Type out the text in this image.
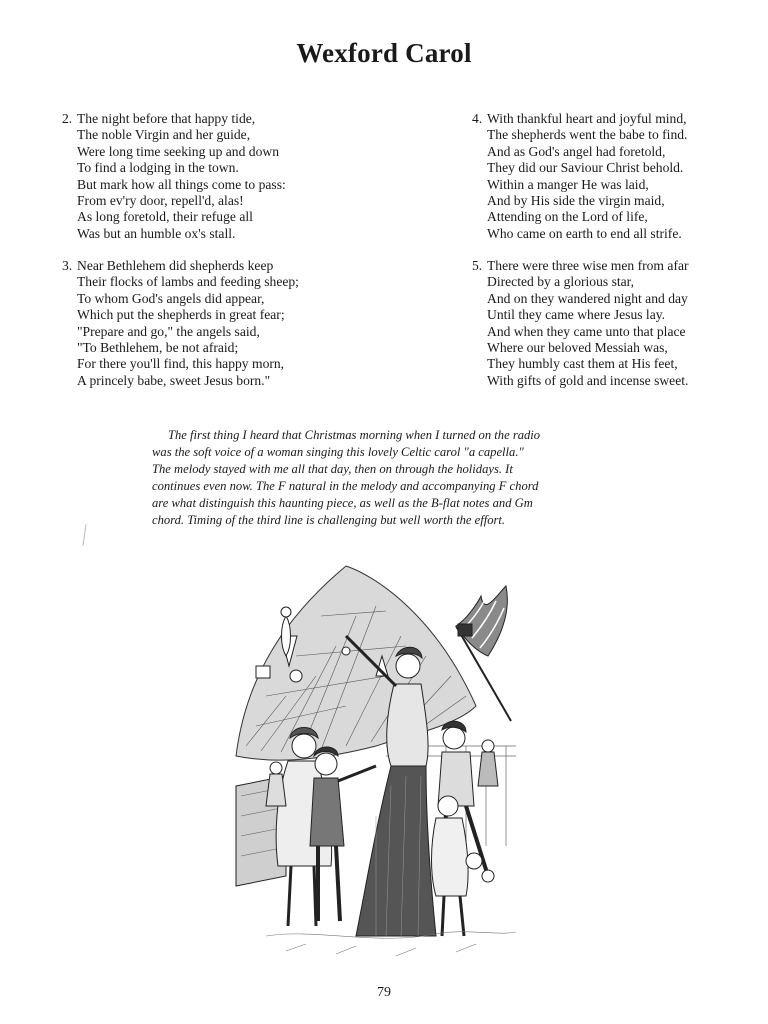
Wexford Carol
2. The night before that happy tide,
The noble Virgin and her guide,
Were long time seeking up and down
To find a lodging in the town.
But mark how all things come to pass:
From ev'ry door, repell'd, alas!
As long foretold, their refuge all
Was but an humble ox's stall.
3. Near Bethlehem did shepherds keep
Their flocks of lambs and feeding sheep;
To whom God's angels did appear,
Which put the shepherds in great fear;
"Prepare and go," the angels said,
"To Bethlehem, be not afraid;
For there you'll find, this happy morn,
A princely babe, sweet Jesus born."
4. With thankful heart and joyful mind,
The shepherds went the babe to find.
And as God's angel had foretold,
They did our Saviour Christ behold.
Within a manger He was laid,
And by His side the virgin maid,
Attending on the Lord of life,
Who came on earth to end all strife.
5. There were three wise men from afar
Directed by a glorious star,
And on they wandered night and day
Until they came where Jesus lay.
And when they came unto that place
Where our beloved Messiah was,
They humbly cast them at His feet,
With gifts of gold and incense sweet.
The first thing I heard that Christmas morning when I turned on the radio
was the soft voice of a woman singing this lovely Celtic carol "a capella."
The melody stayed with me all that day, then on through the holidays. It
continues even now. The F natural in the melody and accompanying F chord
are what distinguish this haunting piece, as well as the B-flat notes and Gm
chord. Timing of the third line is challenging but well worth the effort.
79
